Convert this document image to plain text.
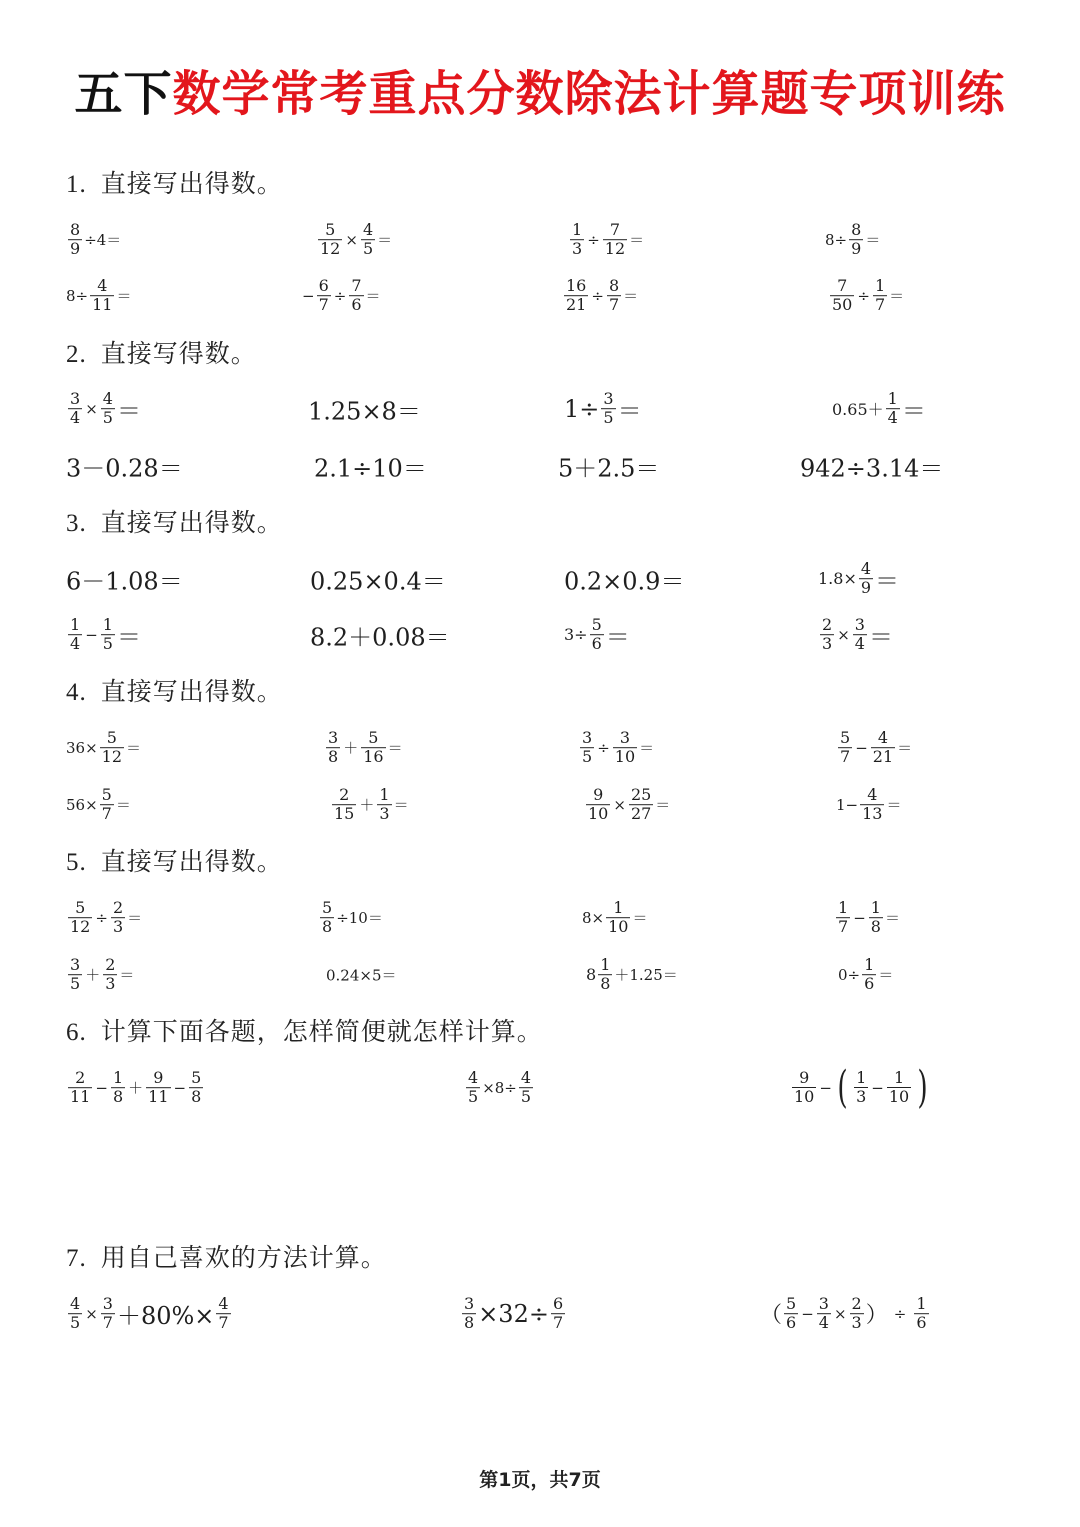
五下数学常考重点分数除法计算题专项训练
1. 直接写出得数。
2. 直接写得数。
3. 直接写出得数。
4. 直接写出得数。
5. 直接写出得数。
6. 计算下面各题，怎样简便就怎样计算。
7. 用自己喜欢的方法计算。
$\frac{8}{9} \div 4=$	$\frac{5}{12} \times \frac{4}{5}$ ＝	$\frac{1}{3} \div \frac{7}{12}$ ＝	$8\div \frac{8}{9}$ ＝
$8\div \frac{4}{11}$ ＝	− $\frac{6}{7} \div \frac{7}{6}$ ＝	$\frac{16}{21} \div \frac{8}{7}$ ＝	$\frac{7}{50} \div \frac{1}{7}$ ＝
$\frac{3}{4} \times \frac{4}{5}$ ＝	1.25×8＝	$1\div \frac{3}{5}$ ＝	$0.65+ \frac{1}{4}$ ＝
3－0.28＝	2.1÷10＝	5＋2.5＝	942÷3.14＝
6－1.08＝	0.25×0.4＝	0.2×0.9＝	$1.8\times \frac{4}{9}$ ＝
$\frac{1}{4} - \frac{1}{5}$ ＝	8.2＋0.08＝	$3\div \frac{5}{6}$ ＝	$\frac{2}{3} \times \frac{3}{4}$ ＝
$36\times \frac{5}{12}$ ＝	$\frac{3}{8} + \frac{5}{16}$ ＝	$\frac{3}{5} \div \frac{3}{10}$ ＝	$\frac{5}{7} - \frac{4}{21}$ ＝
$56\times \frac{5}{7}$ ＝	$\frac{2}{15} + \frac{1}{3}$ ＝	$\frac{9}{10} \times \frac{25}{27}$ ＝	$1- \frac{4}{13}$ ＝
$\frac{5}{12} \div \frac{2}{3}$ ＝	$\frac{5}{8} \div 10=$	$8\times \frac{1}{10}$ ＝	$\frac{1}{7} - \frac{1}{8}$ ＝
$\frac{3}{5} + \frac{2}{3}$ ＝	0.24×5＝	$8 \frac{1}{8} +1.25=$	$0\div \frac{1}{6}$ ＝
$\frac{2}{11} - \frac{1}{8} + \frac{9}{11} - \frac{5}{8}$	$\frac{4}{5} \times 8\div \frac{4}{5}$	$\frac{9}{10}$ − ( $\frac{1}{3} - \frac{1}{10}$ )
$\frac{4}{5} \times \frac{3}{7} +80\%\times \frac{4}{7}$	$\frac{3}{8} \times 32\div \frac{6}{7}$	（ $\frac{5}{6} - \frac{3}{4} \times \frac{2}{3}$ ） ÷ $\frac{1}{6}$
第1页，共7页
